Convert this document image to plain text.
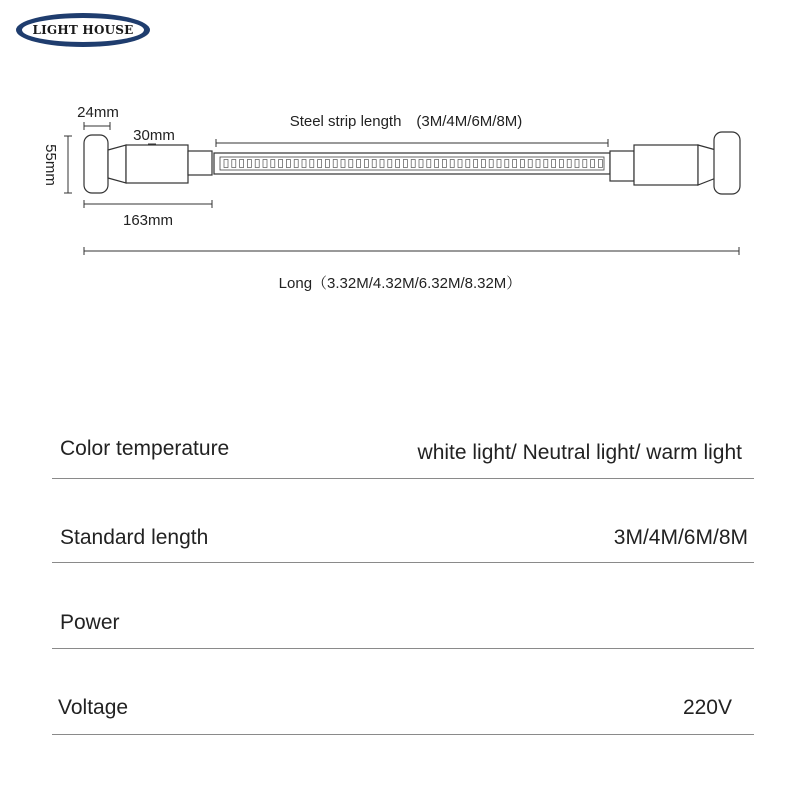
LIGHT HOUSE
24mm
30mm
55mm
Steel strip length　(3M/4M/6M/8M)
163mm
Long（3.32M/4.32M/6.32M/8.32M）
Color temperature	white light/ Neutral light/ warm light
Standard length	3M/4M/6M/8M
Power
Voltage	220V
